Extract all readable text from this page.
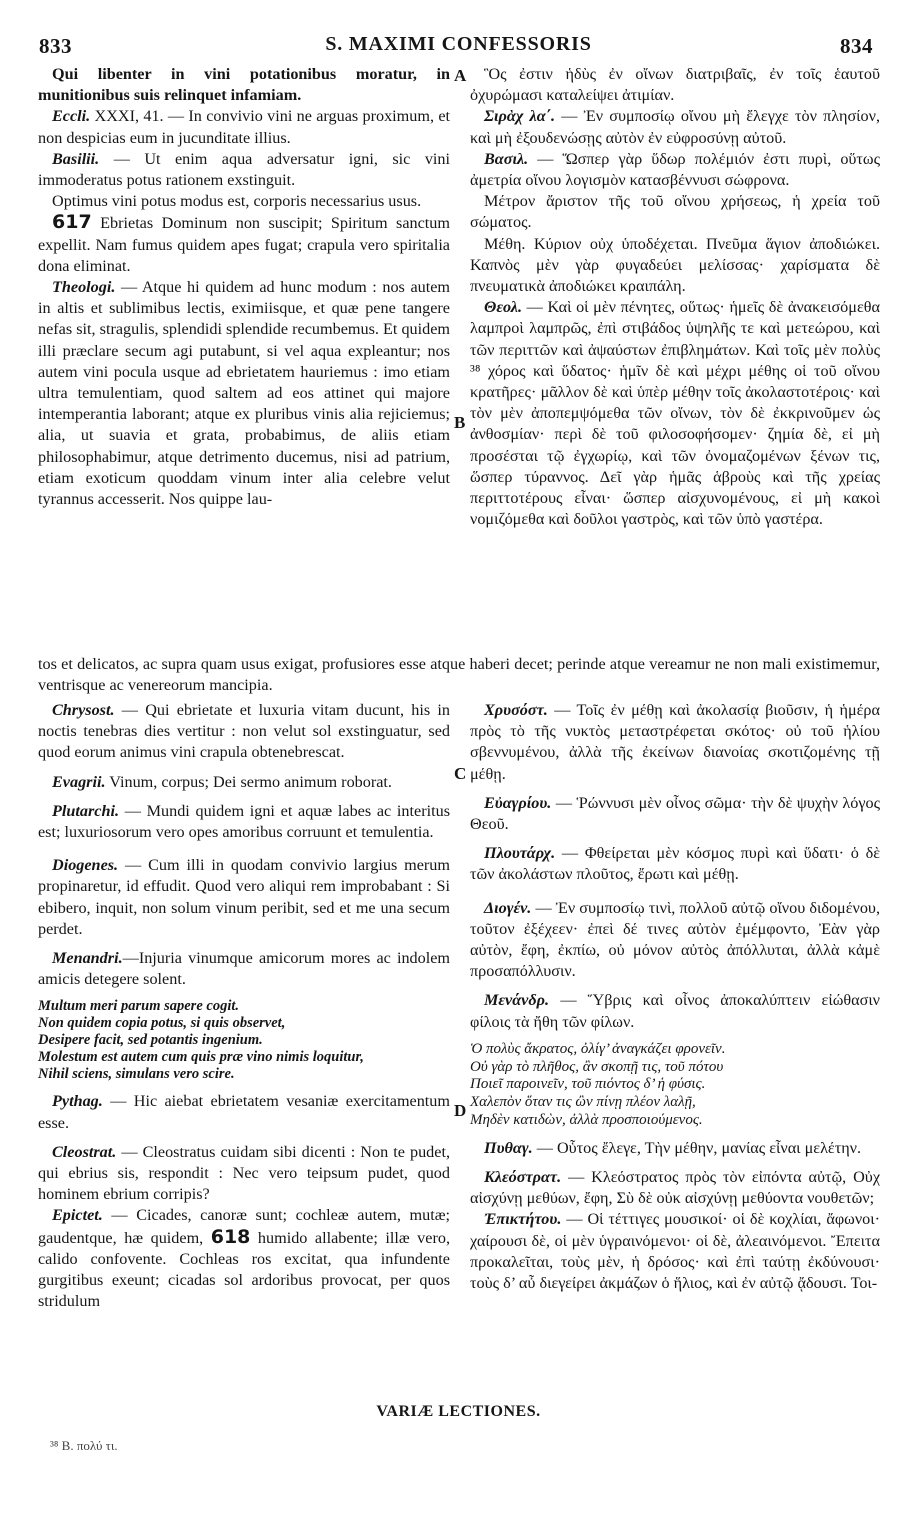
833	S. MAXIMI CONFESSORIS	834
A
B
C
D

Qui libenter in vini potationibus moratur, in munitionibus suis relinquet infamiam.

Eccli. XXXI, 41. — In convivio vini ne arguas proximum, et non despicias eum in jucunditate illius.

Basilii. — Ut enim aqua adversatur igni, sic vini immoderatus potus rationem exstinguit.

Optimus vini potus modus est, corporis necessarius usus.

617 Ebrietas Dominum non suscipit; Spiritum sanctum expellit. Nam fumus quidem apes fugat; crapula vero spiritalia dona eliminat.

Theologi. — Atque hi quidem ad hunc modum : nos autem in altis et sublimibus lectis, eximiisque, et quæ pene tangere nefas sit, stragulis, splendidi splendide recumbemus. Et quidem illi præclare secum agi putabunt, si vel aqua expleantur; nos autem vini pocula usque ad ebrietatem hauriemus : imo etiam ultra temulentiam, quod saltem ad eos attinet qui majore intemperantia laborant; atque ex pluribus vinis alia rejiciemus; alia, ut suavia et grata, probabimus, de aliis etiam philosophabimur, atque detrimento ducemus, nisi ad patrium, etiam exoticum quoddam vinum inter alia celebre velut tyrannus accesserit. Nos quippe lau-

Ὃς ἐστιν ἡδὺς ἐν οἴνων διατριβαῖς, ἐν τοῖς ἑαυτοῦ ὀχυρώμασι καταλείψει ἀτιμίαν.

Σιρὰχ λα΄. — Ἐν συμποσίῳ οἴνου μὴ ἔλεγχε τὸν πλησίον, καὶ μὴ ἐξουδενώσῃς αὐτὸν ἐν εὐφροσύνῃ αὐτοῦ.

Βασιλ. — Ὥσπερ γὰρ ὕδωρ πολέμιόν ἐστι πυρὶ, οὕτως ἀμετρία οἴνου λογισμὸν κατασβέννυσι σώφρονα.

Μέτρον ἄριστον τῆς τοῦ οἴνου χρήσεως, ἡ χρεία τοῦ σώματος.

Μέθη. Κύριον οὐχ ὑποδέχεται. Πνεῦμα ἅγιον ἀποδιώκει. Καπνὸς μὲν γὰρ φυγαδεύει μελίσσας· χαρίσματα δὲ πνευματικὰ ἀποδιώκει κραιπάλη.

Θεολ. — Καὶ οἱ μὲν πένητες, οὕτως· ἡμεῖς δὲ ἀνακεισόμεθα λαμπροὶ λαμπρῶς, ἐπὶ στιβάδος ὑψηλῆς τε καὶ μετεώρου, καὶ τῶν περιττῶν καὶ ἀψαύστων ἐπιβλημάτων. Καὶ τοῖς μὲν πολὺς ³⁸ χόρος καὶ ὕδατος· ἡμῖν δὲ καὶ μέχρι μέθης οἱ τοῦ οἴνου κρατῆρες· μᾶλλον δὲ καὶ ὑπὲρ μέθην τοῖς ἀκολαστοτέροις· καὶ τὸν μὲν ἀποπεμψόμεθα τῶν οἴνων, τὸν δὲ ἐκκρινοῦμεν ὡς ἀνθοσμίαν· περὶ δὲ τοῦ φιλοσοφήσομεν· ζημία δὲ, εἰ μὴ προσέσται τῷ ἐγχωρίῳ, καὶ τῶν ὀνομαζομένων ξένων τις, ὥσπερ τύραννος. Δεῖ γὰρ ἡμᾶς ἁβροὺς καὶ τῆς χρείας περιττοτέρους εἶναι· ὥσπερ αἰσχυνομένους, εἰ μὴ κακοὶ νομιζόμεθα καὶ δοῦλοι γαστρὸς, καὶ τῶν ὑπὸ γαστέρα.

tos et delicatos, ac supra quam usus exigat, profusiores esse atque haberi decet; perinde atque vereamur ne non mali existimemur, ventrisque ac venereorum mancipia.

Chrysost. — Qui ebrietate et luxuria vitam ducunt, his in noctis tenebras dies vertitur : non velut sol exstinguatur, sed quod eorum animus vini crapula obtenebrescat.

Evagrii. Vinum, corpus; Dei sermo animum roborat.

Plutarchi. — Mundi quidem igni et aquæ labes ac interitus est; luxuriosorum vero opes amoribus corruunt et temulentia.

Diogenes. — Cum illi in quodam convivio largius merum propinaretur, id effudit. Quod vero aliqui rem improbabant : Si ebibero, inquit, non solum vinum peribit, sed et me una secum perdet.

Menandri.—Injuria vinumque amicorum mores ac indolem amicis detegere solent.

Multum meri parum sapere cogit.
Non quidem copia potus, si quis observet,
Desipere facit, sed potantis ingenium.
Molestum est autem cum quis præ vino nimis loquitur,
Nihil sciens, simulans vero scire.

Pythag. — Hic aiebat ebrietatem vesaniæ exercitamentum esse.

Cleostrat. — Cleostratus cuidam sibi dicenti : Non te pudet, qui ebrius sis, respondit : Nec vero teipsum pudet, quod hominem ebrium corripis?

Epictet. — Cicades, canoræ sunt; cochleæ autem, mutæ; gaudentque, hæ quidem, 618 humido allabente; illæ vero, calido confovente. Cochleas ros excitat, qua infundente gurgitibus exeunt; cicadas sol ardoribus provocat, per quos stridulum

Χρυσόστ. — Τοῖς ἐν μέθῃ καὶ ἀκολασίᾳ βιοῦσιν, ἡ ἡμέρα πρὸς τὸ τῆς νυκτὸς μεταστρέφεται σκότος· οὐ τοῦ ἡλίου σβεννυμένου, ἀλλὰ τῆς ἐκείνων διανοίας σκοτιζομένης τῇ μέθῃ.

Εὐαγρίου. — Ῥώννυσι μὲν οἶνος σῶμα· τὴν δὲ ψυχὴν λόγος Θεοῦ.

Πλουτάρχ. — Φθείρεται μὲν κόσμος πυρὶ καὶ ὕδατι· ὁ δὲ τῶν ἀκολάστων πλοῦτος, ἔρωτι καὶ μέθῃ.

Διογέν. — Ἐν συμποσίῳ τινὶ, πολλοῦ αὐτῷ οἴνου διδομένου, τοῦτον ἐξέχεεν· ἐπεὶ δέ τινες αὐτὸν ἐμέμφοντο, Ἐὰν γὰρ αὐτὸν, ἔφη, ἐκπίω, οὐ μόνον αὐτὸς ἀπόλλυται, ἀλλὰ κἀμὲ προσαπόλλυσιν.

Μενάνδρ. — Ὕβρις καὶ οἶνος ἀποκαλύπτειν εἰώθασιν φίλοις τὰ ἤθη τῶν φίλων.

Ὁ πολὺς ἄκρατος, ὀλίγ’ ἀναγκάζει φρονεῖν.
Οὐ γὰρ τὸ πλῆθος, ἂν σκοπῇ τις, τοῦ πότου
Ποιεῖ παροινεῖν, τοῦ πιόντος δ’ ἡ φύσις.
Χαλεπὸν ὅταν τις ὢν πίνῃ πλέον λαλῇ,
Μηδὲν κατιδὼν, ἀλλὰ προσποιούμενος.

Πυθαγ. — Οὗτος ἔλεγε, Τὴν μέθην, μανίας εἶναι μελέτην.

Κλεόστρατ. — Κλεόστρατος πρὸς τὸν εἰπόντα αὐτῷ, Οὐχ αἰσχύνῃ μεθύων, ἔφη, Σὺ δὲ οὐκ αἰσχύνῃ μεθύοντα νουθετῶν;

Ἐπικτήτου. — Οἱ τέττιγες μουσικοί· οἱ δὲ κοχλίαι, ἄφωνοι· χαίρουσι δὲ, οἱ μὲν ὑγραινόμενοι· οἱ δὲ, ἀλεαινόμενοι. Ἔπειτα προκαλεῖται, τοὺς μὲν, ἡ δρόσος· καὶ ἐπὶ ταύτῃ ἐκδύνουσι· τοὺς δ’ αὖ διεγείρει ἀκμάζων ὁ ἥλιος, καὶ ἐν αὐτῷ ᾄδουσι. Τοι-

VARIÆ LECTIONES.
³⁸ B. πολύ τι.
